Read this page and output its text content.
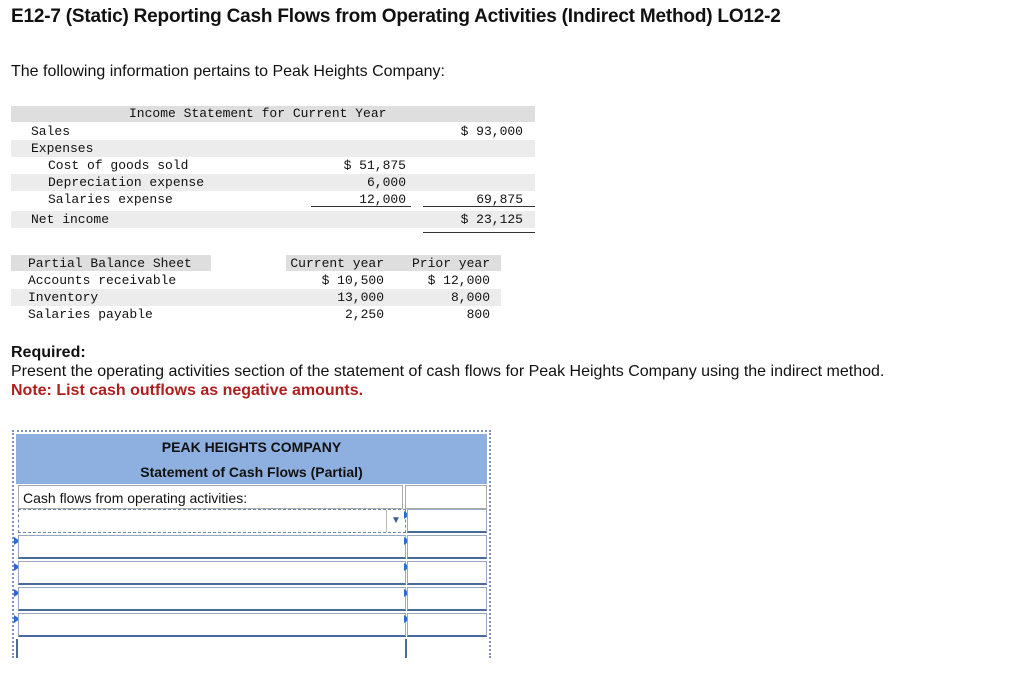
E12-7 (Static) Reporting Cash Flows from Operating Activities (Indirect Method) LO12-2
The following information pertains to Peak Heights Company:
Income Statement for Current Year
Sales	$ 93,000
Expenses
Cost of goods sold	$ 51,875
Depreciation expense	6,000
Salaries expense	12,000	69,875
Net income	$ 23,125
Partial Balance Sheet	Current year Prior year
Accounts receivable	$ 10,500	$ 12,000
Inventory	13,000	8,000
Salaries payable	2,250	800
Required:
Present the operating activities section of the statement of cash flows for Peak Heights Company using the indirect method.
Note: List cash outflows as negative amounts.
PEAK HEIGHTS COMPANY
Statement of Cash Flows (Partial)
Cash flows from operating activities:
▼
